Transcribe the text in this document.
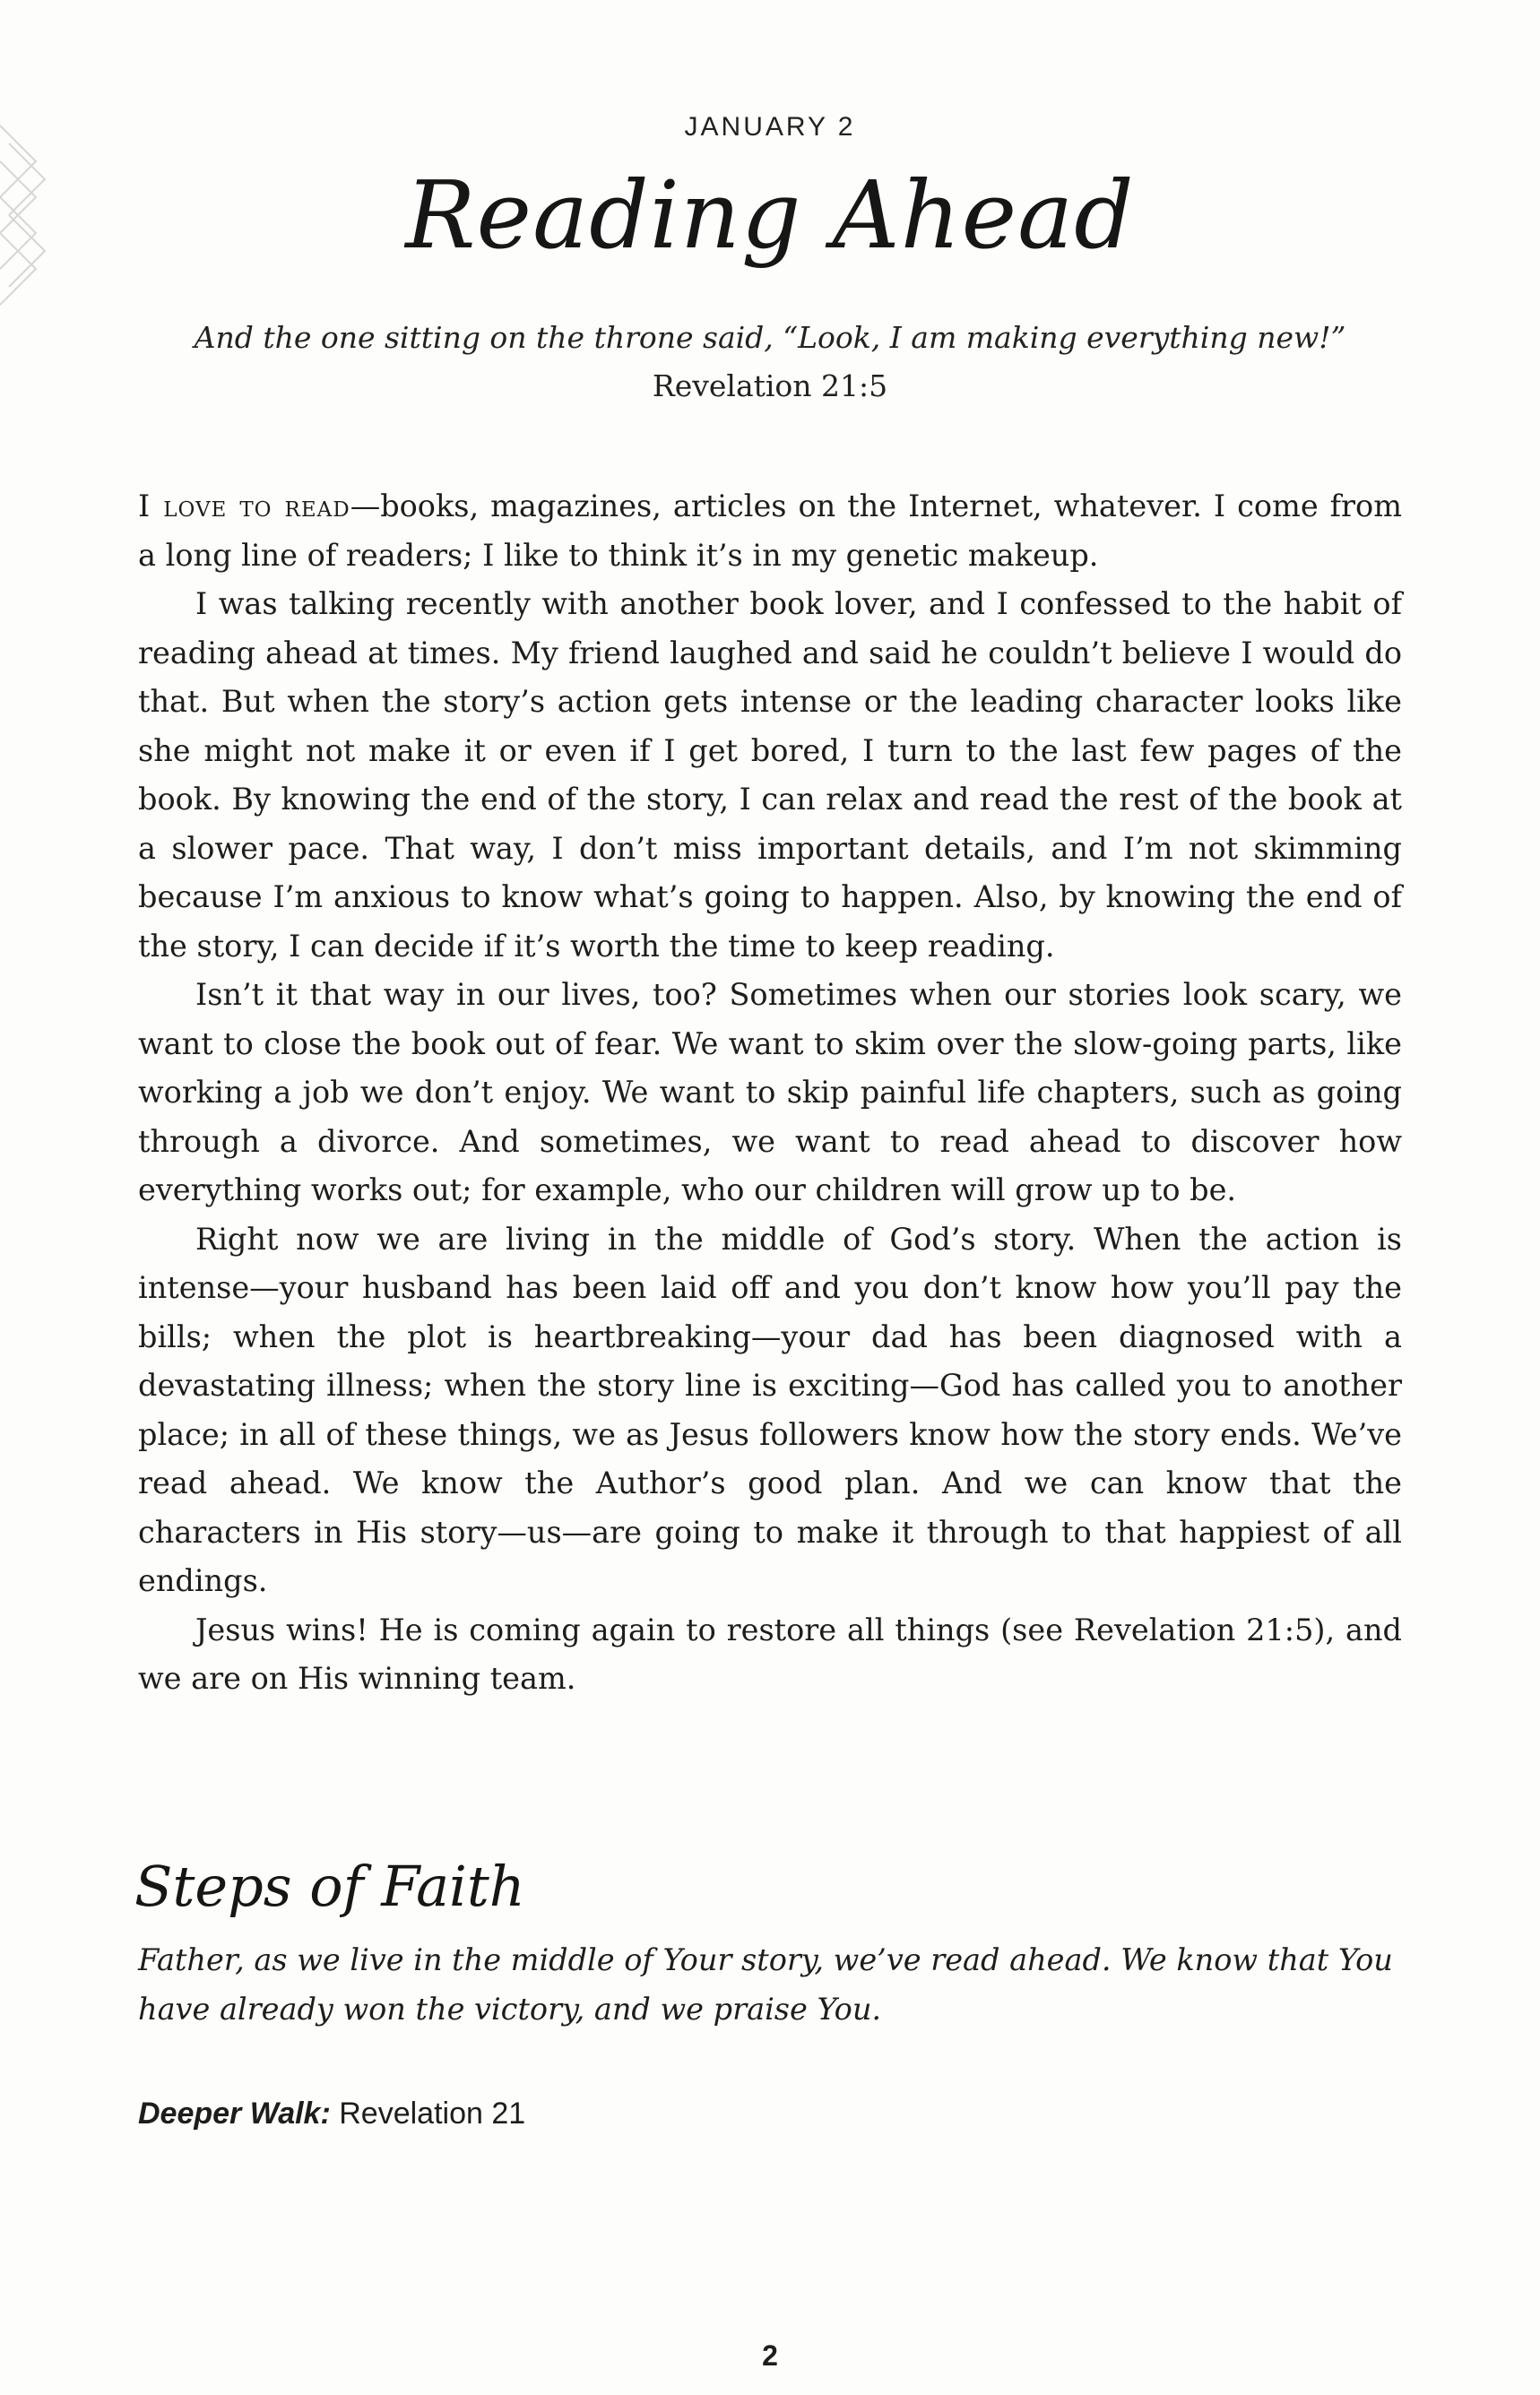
JANUARY 2
Reading Ahead
And the one sitting on the throne said, “Look, I am making everything new!”
Revelation 21:5

I love to read—books, magazines, articles on the Internet, whatever. I come from a long line of readers; I like to think it’s in my genetic makeup.

I was talking recently with another book lover, and I confessed to the habit of reading ahead at times. My friend laughed and said he couldn’t believe I would do that. But when the story’s action gets intense or the leading character looks like she might not make it or even if I get bored, I turn to the last few pages of the book. By knowing the end of the story, I can relax and read the rest of the book at a slower pace. That way, I don’t miss important details, and I’m not skimming because I’m anxious to know what’s going to happen. Also, by knowing the end of the story, I can decide if it’s worth the time to keep reading.

Isn’t it that way in our lives, too? Sometimes when our stories look scary, we want to close the book out of fear. We want to skim over the slow-going parts, like working a job we don’t enjoy. We want to skip painful life chapters, such as going through a divorce. And sometimes, we want to read ahead to discover how everything works out; for example, who our children will grow up to be.

Right now we are living in the middle of God’s story. When the action is intense—your husband has been laid off and you don’t know how you’ll pay the bills; when the plot is heartbreaking—your dad has been diagnosed with a devastating illness; when the story line is exciting—God has called you to another place; in all of these things, we as Jesus followers know how the story ends. We’ve read ahead. We know the Author’s good plan. And we can know that the characters in His story—us—are going to make it through to that happiest of all endings.

Jesus wins! He is coming again to restore all things (see Revelation 21:5), and we are on His winning team.

Steps of Faith
Father, as we live in the middle of Your story, we’ve read ahead. We know that You have already won the victory, and we praise You.
Deeper Walk: Revelation 21
2
